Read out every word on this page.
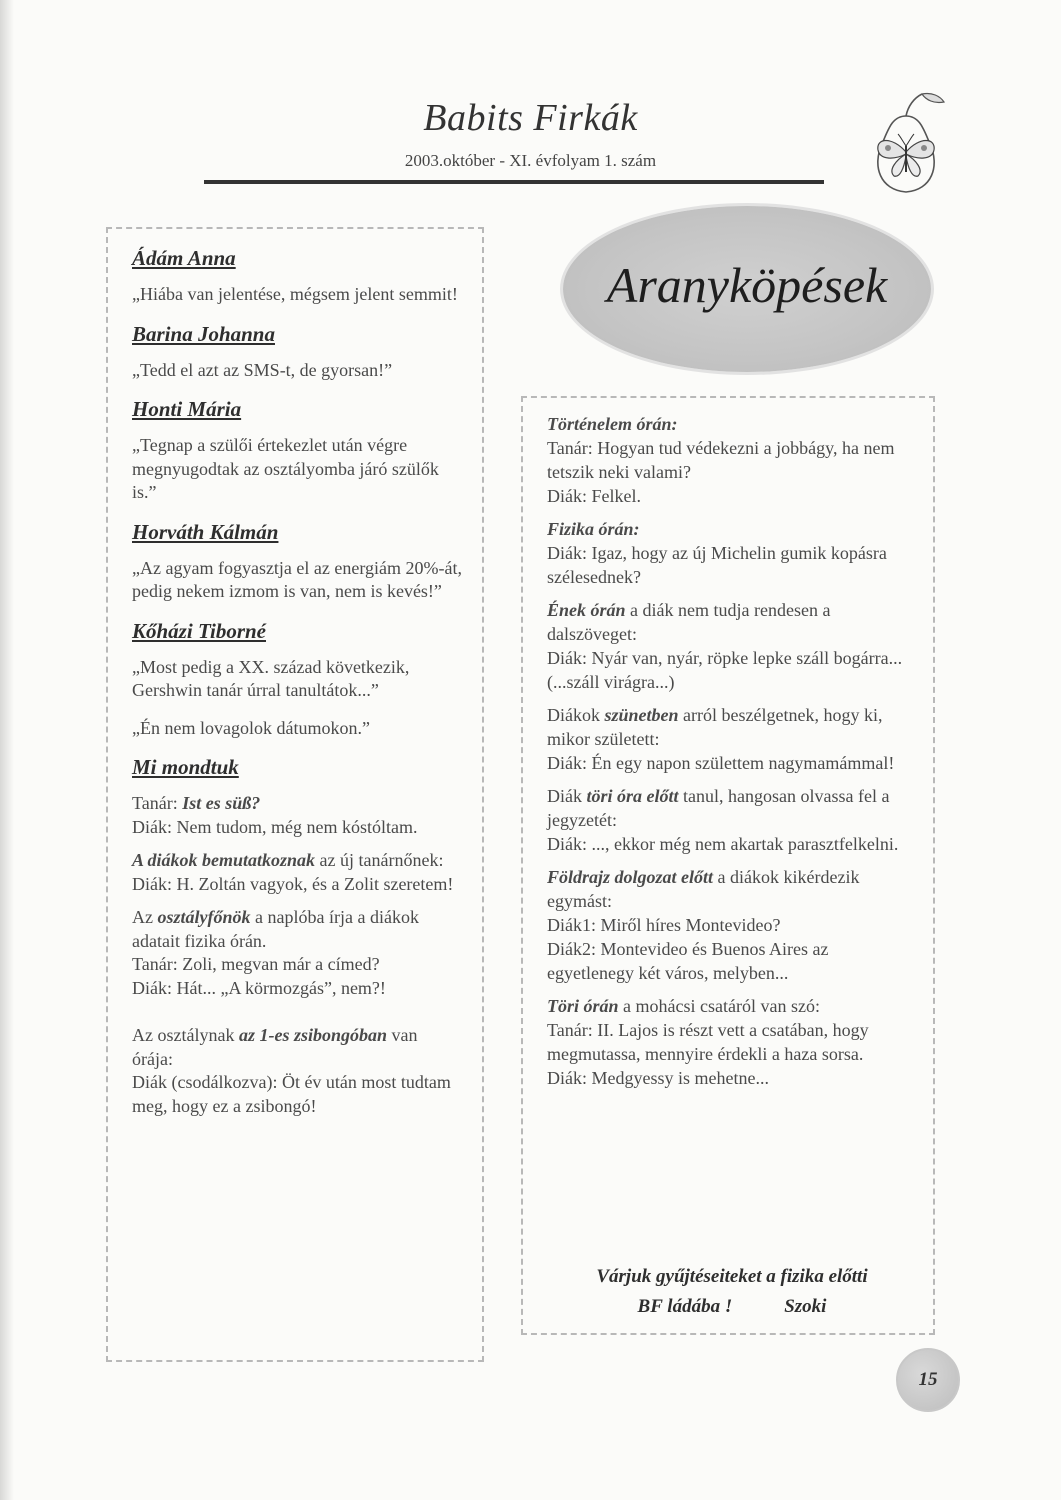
Babits Firkák
2003.október - XI. évfolyam 1. szám
Ádám Anna
„Hiába van jelentése, mégsem jelent semmit!
Barina Johanna
„Tedd el azt az SMS-t, de gyorsan!”
Honti Mária
„Tegnap a szülői értekezlet után végre megnyugodtak az osztályomba járó szülők is.”
Horváth Kálmán
„Az agyam fogyasztja el az energiám 20%-át, pedig nekem izmom is van, nem is kevés!”
Kőházi Tiborné
„Most pedig a XX. század következik, Gershwin tanár úrral tanultátok...”
„Én nem lovagolok dátumokon.”
Mi mondtuk
Tanár: Ist es süß?
Diák: Nem tudom, még nem kóstóltam.
A diákok bemutatkoznak az új tanárnőnek:
Diák: H. Zoltán vagyok, és a Zolit szeretem!
Az osztályfőnök a naplóba írja a diákok adatait fizika órán.
Tanár: Zoli, megvan már a címed?
Diák: Hát... „A körmozgás”, nem?!
Az osztálynak az 1-es zsibongóban van órája:
Diák (csodálkozva): Öt év után most tudtam meg, hogy ez a zsibongó!
Aranyköpések
Történelem órán:
Tanár: Hogyan tud védekezni a jobbágy, ha nem tetszik neki valami?
Diák: Felkel.
Fizika órán:
Diák: Igaz, hogy az új Michelin gumik kopásra szélesednek?
Ének órán a diák nem tudja rendesen a dalszöveget:
Diák: Nyár van, nyár, röpke lepke száll bogárra... (...száll virágra...)
Diákok szünetben arról beszélgetnek, hogy ki, mikor született:
Diák: Én egy napon születtem nagymamámmal!
Diák töri óra előtt tanul, hangosan olvassa fel a jegyzetét:
Diák: ..., ekkor még nem akartak parasztfelkelni.
Földrajz dolgozat előtt a diákok kikérdezik egymást:
Diák1: Miről híres Montevideo?
Diák2: Montevideo és Buenos Aires az egyetlenegy két város, melyben...
Töri órán a mohácsi csatáról van szó:
Tanár: II. Lajos is részt vett a csatában, hogy megmutassa, mennyire érdekli a haza sorsa.
Diák: Medgyessy is mehetne...
Várjuk gyűjtéseiteket a fizika előtti
BF ládába !	Szoki
15
